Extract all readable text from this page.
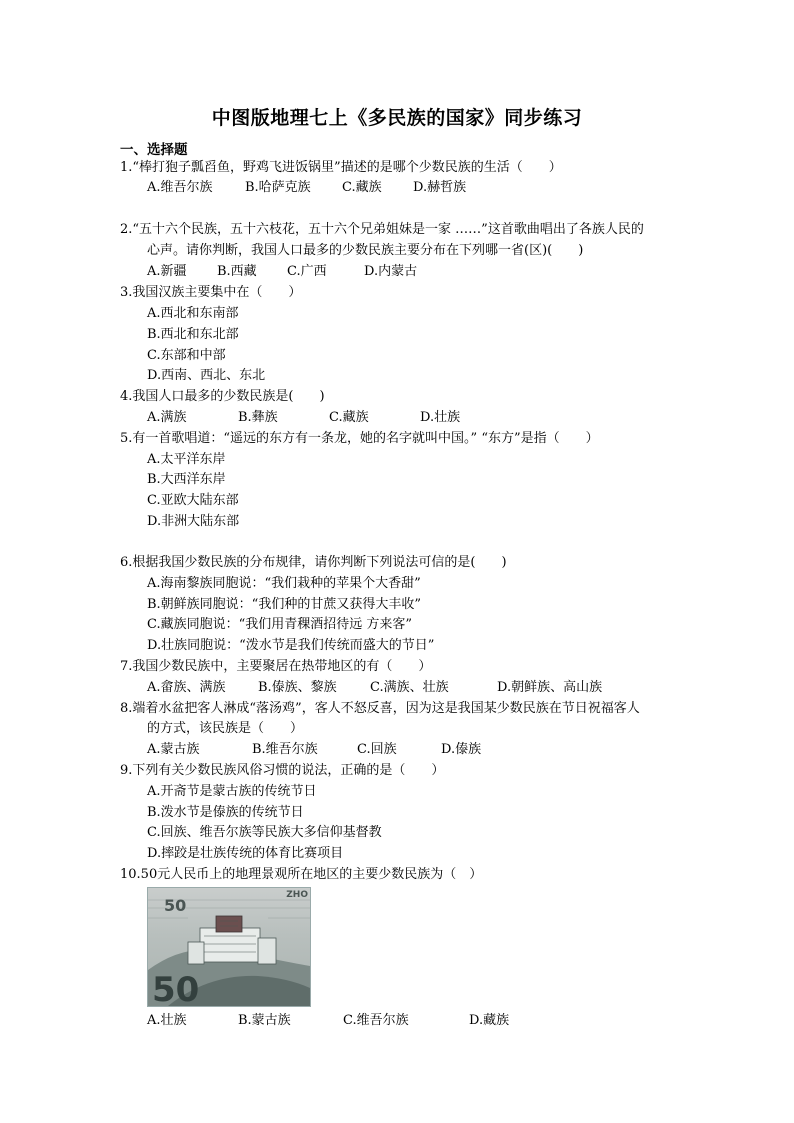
中图版地理七上《多民族的国家》同步练习
一、选择题
1.“棒打狍子瓢舀鱼，野鸡飞进饭锅里”描述的是哪个少数民族的生活（　　）
A.维吾尔族 B.哈萨克族 C.藏族 D.赫哲族
2.“五十六个民族，五十六枝花，五十六个兄弟姐妹是一家 ……”这首歌曲唱出了各族人民的
心声。请你判断，我国人口最多的少数民族主要分布在下列哪一省(区)(　　)
A.新疆 B.西藏 C.广西	D.内蒙古
3.我国汉族主要集中在（　　）
A.西北和东南部
B.西北和东北部
C.东部和中部
D.西南、西北、东北
4.我国人口最多的少数民族是(　　)
A.满族	B.彝族	C.藏族	D.壮族
5.有一首歌唱道：“遥远的东方有一条龙，她的名字就叫中国。” “东方”是指（　　）
A.太平洋东岸
B.大西洋东岸
C.亚欧大陆东部
D.非洲大陆东部
6.根据我国少数民族的分布规律，请你判断下列说法可信的是(　　)
A.海南黎族同胞说：“我们栽种的苹果个大香甜”
B.朝鲜族同胞说：“我们种的甘蔗又获得大丰收”
C.藏族同胞说：“我们用青稞酒招待远 方来客”
D.壮族同胞说：“泼水节是我们传统而盛大的节日”
7.我国少数民族中，主要聚居在热带地区的有（　　）
A.畲族、满族 B.傣族、黎族	C.满族、壮族	D.朝鲜族、高山族
8.端着水盆把客人淋成“落汤鸡”，客人不怒反喜，因为这是我国某少数民族在节日祝福客人
的方式，该民族是（　　）
A.蒙古族	B.维吾尔族	C.回族	D.傣族
9.下列有关少数民族风俗习惯的说法，正确的是（　　）
A.开斋节是蒙古族的传统节日
B.泼水节是傣族的传统节日
C.回族、维吾尔族等民族大多信仰基督教
D.摔跤是壮族传统的体育比赛项目
10.50元人民币上的地理景观所在地区的主要少数民族为（　）
50
ZHO
50
A.壮族	B.蒙古族	C.维吾尔族	D.藏族
